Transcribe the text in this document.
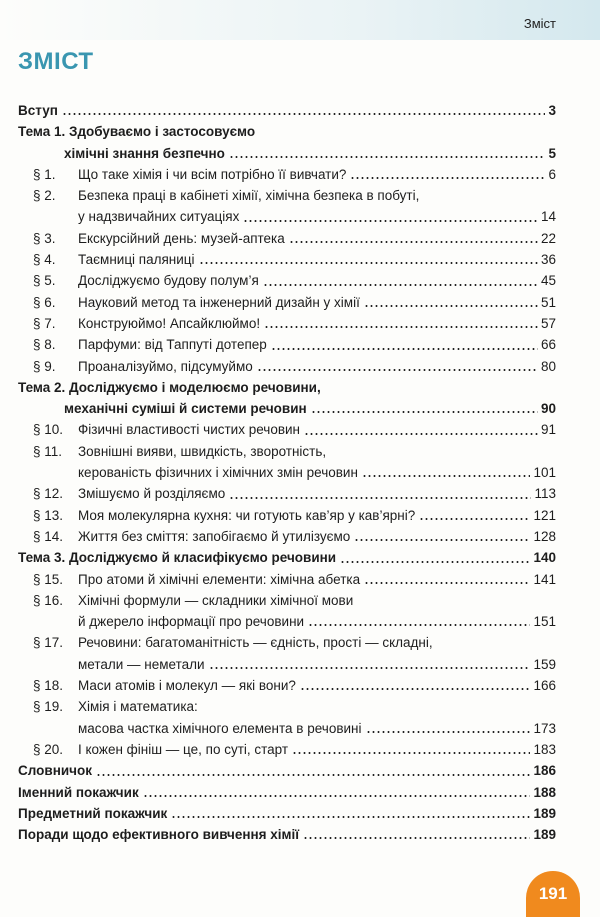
Зміст
ЗМІСТ
Вступ	3
Тема 1. Здобуваємо і застосовуємо
хімічні знання безпечно	5
§ 1.	Що таке хімія і чи всім потрібно її вивчати?	6
§ 2.	Безпека праці в кабінеті хімії, хімічна безпека в побуті,
у надзвичайних ситуаціях	14
§ 3.	Екскурсійний день: музей-аптека	22
§ 4.	Таємниці паляниці	36
§ 5.	Досліджуємо будову полум’я	45
§ 6.	Науковий метод та інженерний дизайн у хімії	51
§ 7.	Конструюймо! Апсайклюймо!	57
§ 8.	Парфуми: від Таппуті дотепер	66
§ 9.	Проаналізуймо, підсумуймо	80
Тема 2. Досліджуємо і моделюємо речовини,
механічні суміші й системи речовин	90
§ 10.	Фізичні властивості чистих речовин	91
§ 11.	Зовнішні вияви, швидкість, зворотність,
керованість фізичних і хімічних змін речовин	101
§ 12.	Змішуємо й розділяємо	113
§ 13.	Моя молекулярна кухня: чи готують кав’яр у кав’ярні?	121
§ 14.	Життя без сміття: запобігаємо й утилізуємо	128
Тема 3. Досліджуємо й класифікуємо речовини	140
§ 15.	Про атоми й хімічні елементи: хімічна абетка	141
§ 16.	Хімічні формули — складники хімічної мови
й джерело інформації про речовини	151
§ 17.	Речовини: багатоманітність — єдність, прості — складні,
метали — неметали	159
§ 18.	Маси атомів і молекул — які вони?	166
§ 19.	Хімія і математика:
масова частка хімічного елемента в речовині	173
§ 20.	І кожен фініш — це, по суті, старт	183
Словничок	186
Іменний покажчик	188
Предметний покажчик	189
Поради щодо ефективного вивчення хімії	189
191
